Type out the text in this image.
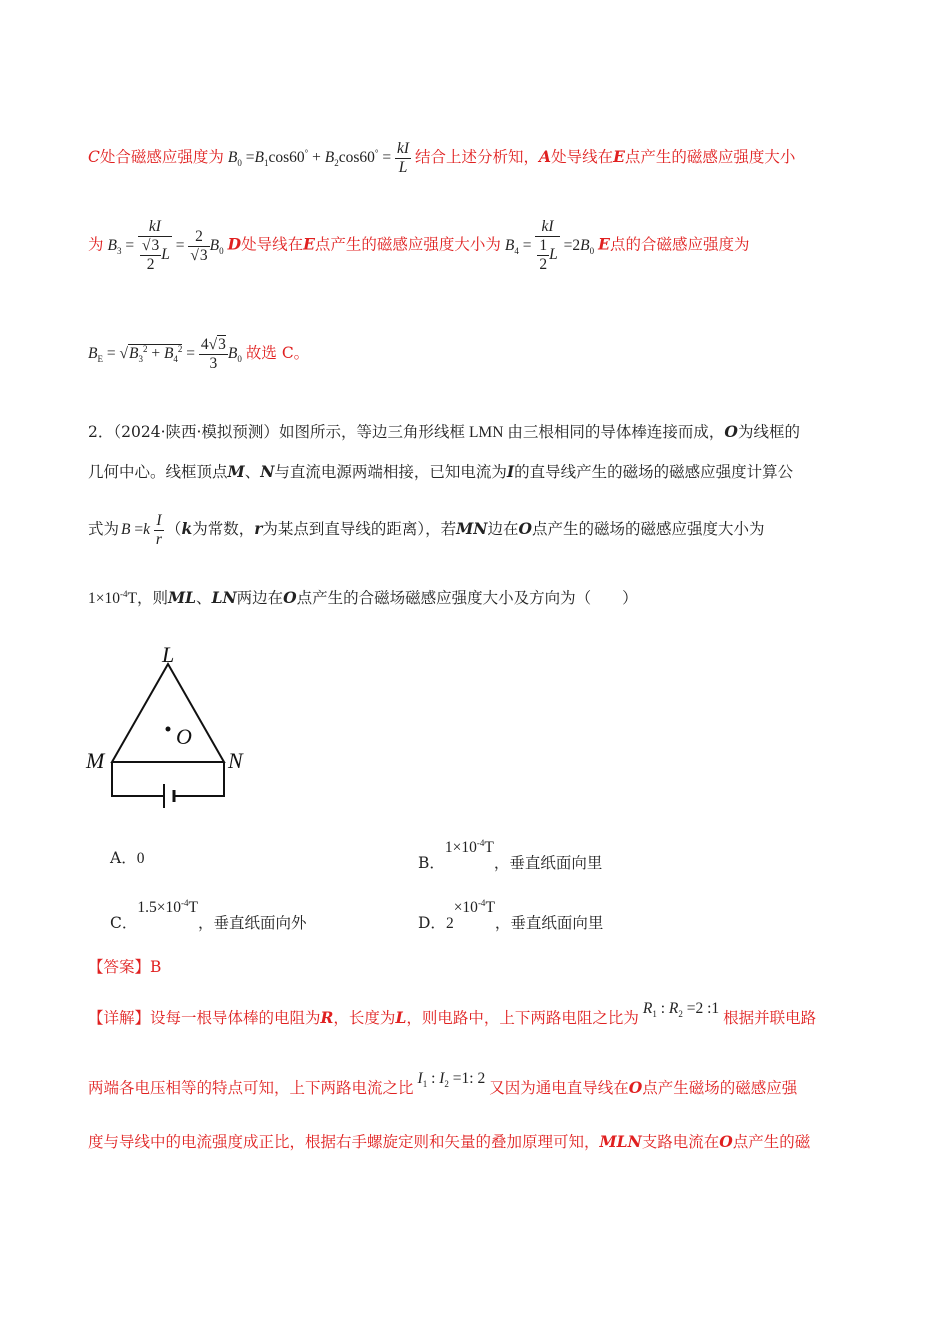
C处合磁感应强度为 $B_0 =B_1\cos 60^\circ + B_2\cos 60^\circ = \frac{kI}{L}$ 结合上述分析知，A处导线在E点产生的磁感应强度大小
为 $B_3 = \frac{kI}{\frac{√3}{2} L} = \frac{2}{√3} B_0$ D处导线在E点产生的磁感应强度大小为 $B_4 = \frac{kI}{\frac{1}{2} L} =2B_0$ E点的合磁感应强度为
$B_E = √B_3^2 + B_4^2 = \frac{4√3}{3} B_0$ 故选 C。
2．（2024·陕西·模拟预测）如图所示，等边三角形线框 LMN 由三根相同的导体棒连接而成，O为线框的
几何中心。线框顶点M、N与直流电源两端相接，已知电流为I的直导线产生的磁场的磁感应强度计算公
式为 $B =k \frac{I}{r} (k$为常数，r为某点到直导线的距离），若MN边在O点产生的磁场的磁感应强度大小为
$1\times 10^{-4}T$，则ML、LN两边在O点产生的合磁场磁感应强度大小及方向为（　　）
L
O
M	N
A．0	B．$1\times 10^{-4}T$，垂直纸面向里
C．$1.5\times 10^{-4}T$，垂直纸面向外	D．$2\times 10^{-4}T$，垂直纸面向里
【答案】B
【详解】设每一根导体棒的电阻为R，长度为L，则电路中，上下两路电阻之比为$R_1$ : $R_2 =2$ :1根据并联电路
两端各电压相等的特点可知，上下两路电流之比$I_1$ : $I_2 =1$: 2又因为通电直导线在O点产生磁场的磁感应强
度与导线中的电流强度成正比，根据右手螺旋定则和矢量的叠加原理可知，MLN支路电流在O点产生的磁
